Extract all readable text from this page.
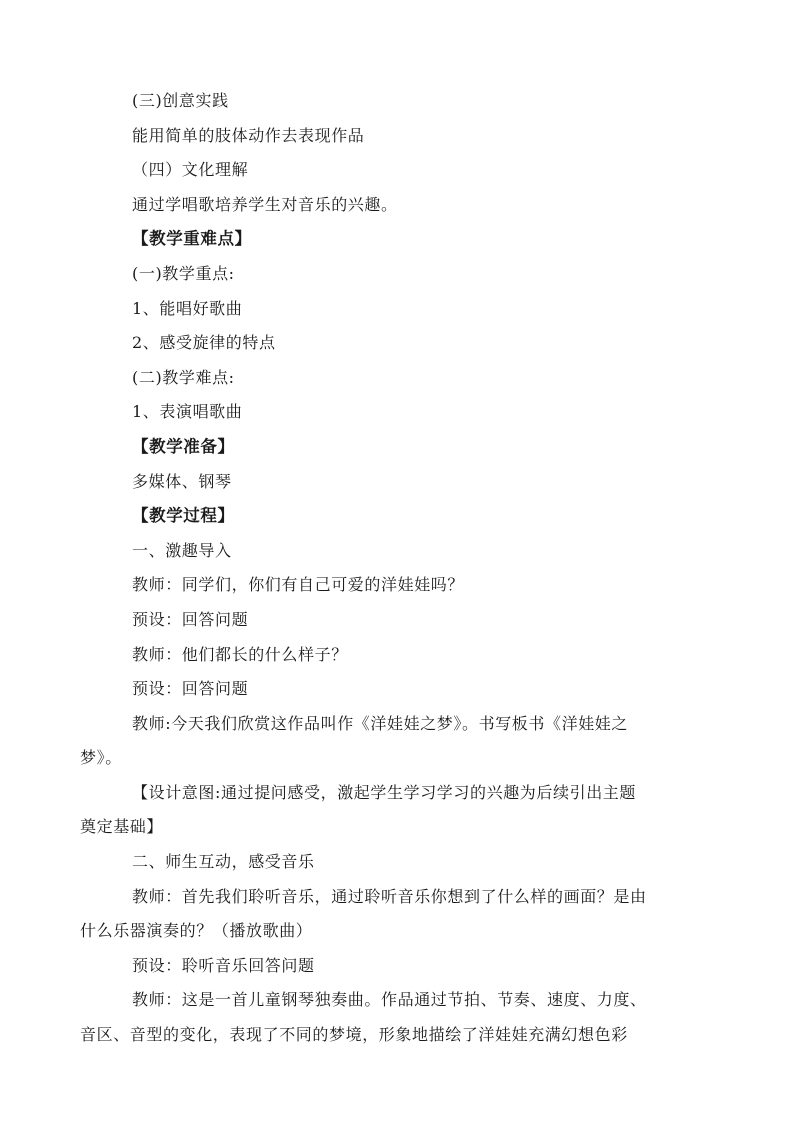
(三)创意实践
能用简单的肢体动作去表现作品
（四）文化理解
通过学唱歌培养学生对音乐的兴趣。
【教学重难点】
(一)教学重点:
1、能唱好歌曲
2、感受旋律的特点
(二)教学难点:
1、表演唱歌曲
【教学准备】
多媒体、钢琴
【教学过程】
一、激趣导入
教师：同学们，你们有自己可爱的洋娃娃吗？
预设：回答问题
教师：他们都长的什么样子？
预设：回答问题
教师:今天我们欣赏这作品叫作《洋娃娃之梦》。书写板书《洋娃娃之
梦》。
【设计意图:通过提问感受，激起学生学习学习的兴趣为后续引出主题
奠定基础】
二、师生互动，感受音乐
教师：首先我们聆听音乐，通过聆听音乐你想到了什么样的画面？是由
什么乐器演奏的？（播放歌曲）
预设：聆听音乐回答问题
教师：这是一首儿童钢琴独奏曲。作品通过节拍、节奏、速度、力度、
音区、音型的变化，表现了不同的梦境，形象地描绘了洋娃娃充满幻想色彩
